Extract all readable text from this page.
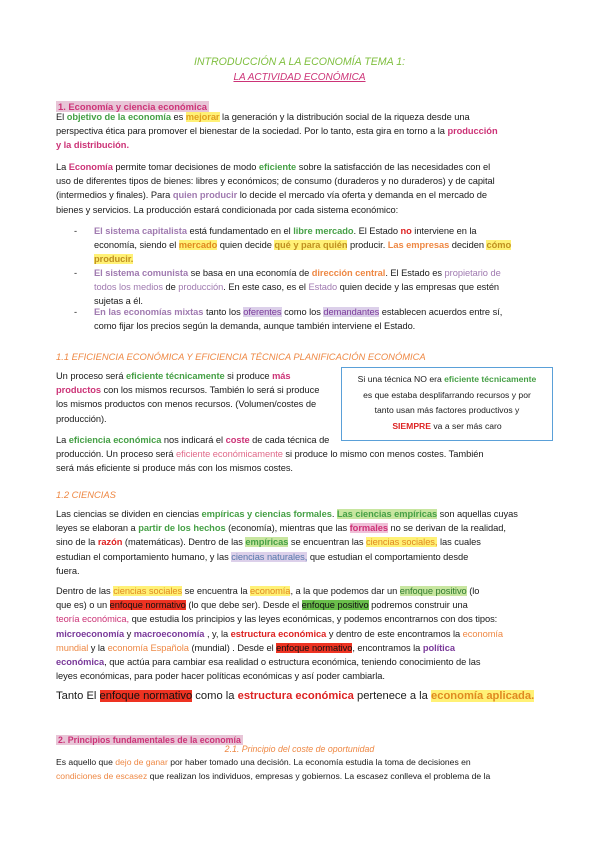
INTRODUCCIÓN A LA ECONOMÍA TEMA 1:

LA ACTIVIDAD ECONÓMICA

1. Economía y ciencia económica

El objetivo de la economía es mejorar la generación y la distribución social de la riqueza desde una
perspectiva ética para promover el bienestar de la sociedad. Por lo tanto, esta gira en torno a la producción
y la distribución.

La Economía permite tomar decisiones de modo eficiente sobre la satisfacción de las necesidades con el
uso de diferentes tipos de bienes: libres y económicos; de consumo (duraderos y no duraderos) y de capital
(intermedios y finales). Para quien producir lo decide el mercado vía oferta y demanda en el mercado de
bienes y servicios. La producción estará condicionada por cada sistema económico:

- El sistema capitalista está fundamentado en el libre mercado. El Estado no interviene en la
economía, siendo el mercado quien decide qué y para quién producir. Las empresas deciden cómo
producir.

- El sistema comunista se basa en una economía de dirección central. El Estado es propietario de
todos los medios de producción. En este caso, es el Estado quien decide y las empresas que estén
sujetas a él.

- En las economías mixtas tanto los oferentes como los demandantes establecen acuerdos entre sí,
como fijar los precios según la demanda, aunque también interviene el Estado.

1.1 EFICIENCIA ECONÓMICA Y EFICIENCIA TÉCNICA PLANIFICACIÓN ECONÓMICA

Un proceso será eficiente técnicamente si produce más
productos con los mismos recursos. También lo será si produce
los mismos productos con menos recursos. (Volumen/costes de
producción).

Si una técnica NO era eficiente técnicamente
es que estaba desplifarrando recursos y por
tanto usan más factores productivos y
SIEMPRE va a ser más caro

La eficiencia económica nos indicará el coste de cada técnica de
producción. Un proceso será eficiente económicamente si produce lo mismo con menos costes. También
será más eficiente si produce más con los mismos costes.

1.2 CIENCIAS

Las ciencias se dividen en ciencias empíricas y ciencias formales. Las ciencias empíricas son aquellas cuyas
leyes se elaboran a partir de los hechos (economía), mientras que las formales no se derivan de la realidad,
sino de la razón (matemáticas). Dentro de las empíricas se encuentran las ciencias sociales, las cuales
estudian el comportamiento humano, y las ciencias naturales, que estudian el comportamiento desde
fuera.

Dentro de las ciencias sociales se encuentra la economía, a la que podemos dar un enfoque positivo (lo
que es) o un enfoque normativo (lo que debe ser). Desde el enfoque positivo podremos construir una
teoría económica, que estudia los principios y las leyes económicas, y podemos encontrarnos con dos tipos:
microeconomía y macroeconomía , y, la estructura económica y dentro de este encontramos la economía
mundial y la economía Española (mundial) . Desde el enfoque normativo, encontramos la política
económica, que actúa para cambiar esa realidad o estructura económica, teniendo conocimiento de las
leyes económicas, para poder hacer políticas económicas y así poder cambiarla.

Tanto El enfoque normativo como la estructura económica pertenece a la economía aplicada.

2. Principios fundamentales de la economía

2.1. Principio del coste de oportunidad

Es aquello que dejo de ganar por haber tomado una decisión. La economía estudia la toma de decisiones en
condiciones de escasez que realizan los individuos, empresas y gobiernos. La escasez conlleva el problema de la
